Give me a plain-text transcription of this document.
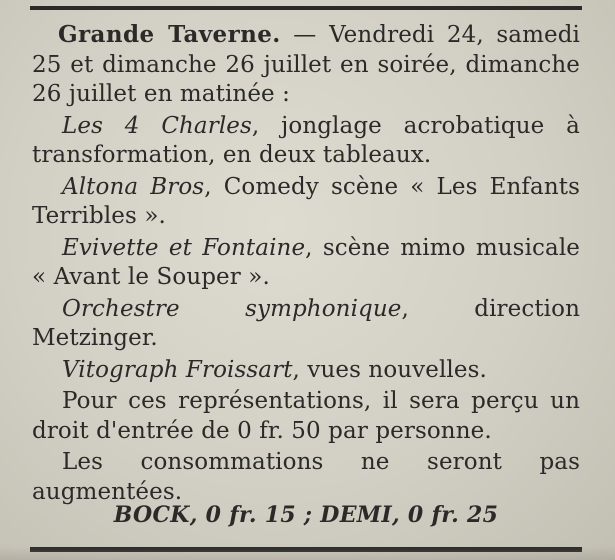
Grande Taverne. — Vendredi 24, samedi 25 et dimanche 26 juillet en soirée, dimanche 26 juillet en matinée :

Les 4 Charles, jonglage acrobatique à transformation, en deux tableaux.

Altona Bros, Comedy scène « Les Enfants Terribles ».

Evivette et Fontaine, scène mimo musicale « Avant le Souper ».

Orchestre symphonique, direction Metzinger.

Vitograph Froissart, vues nouvelles.

Pour ces représentations, il sera perçu un droit d'entrée de 0 fr. 50 par personne.

Les consommations ne seront pas augmentées.

BOCK, 0 fr. 15 ; DEMI, 0 fr. 25
